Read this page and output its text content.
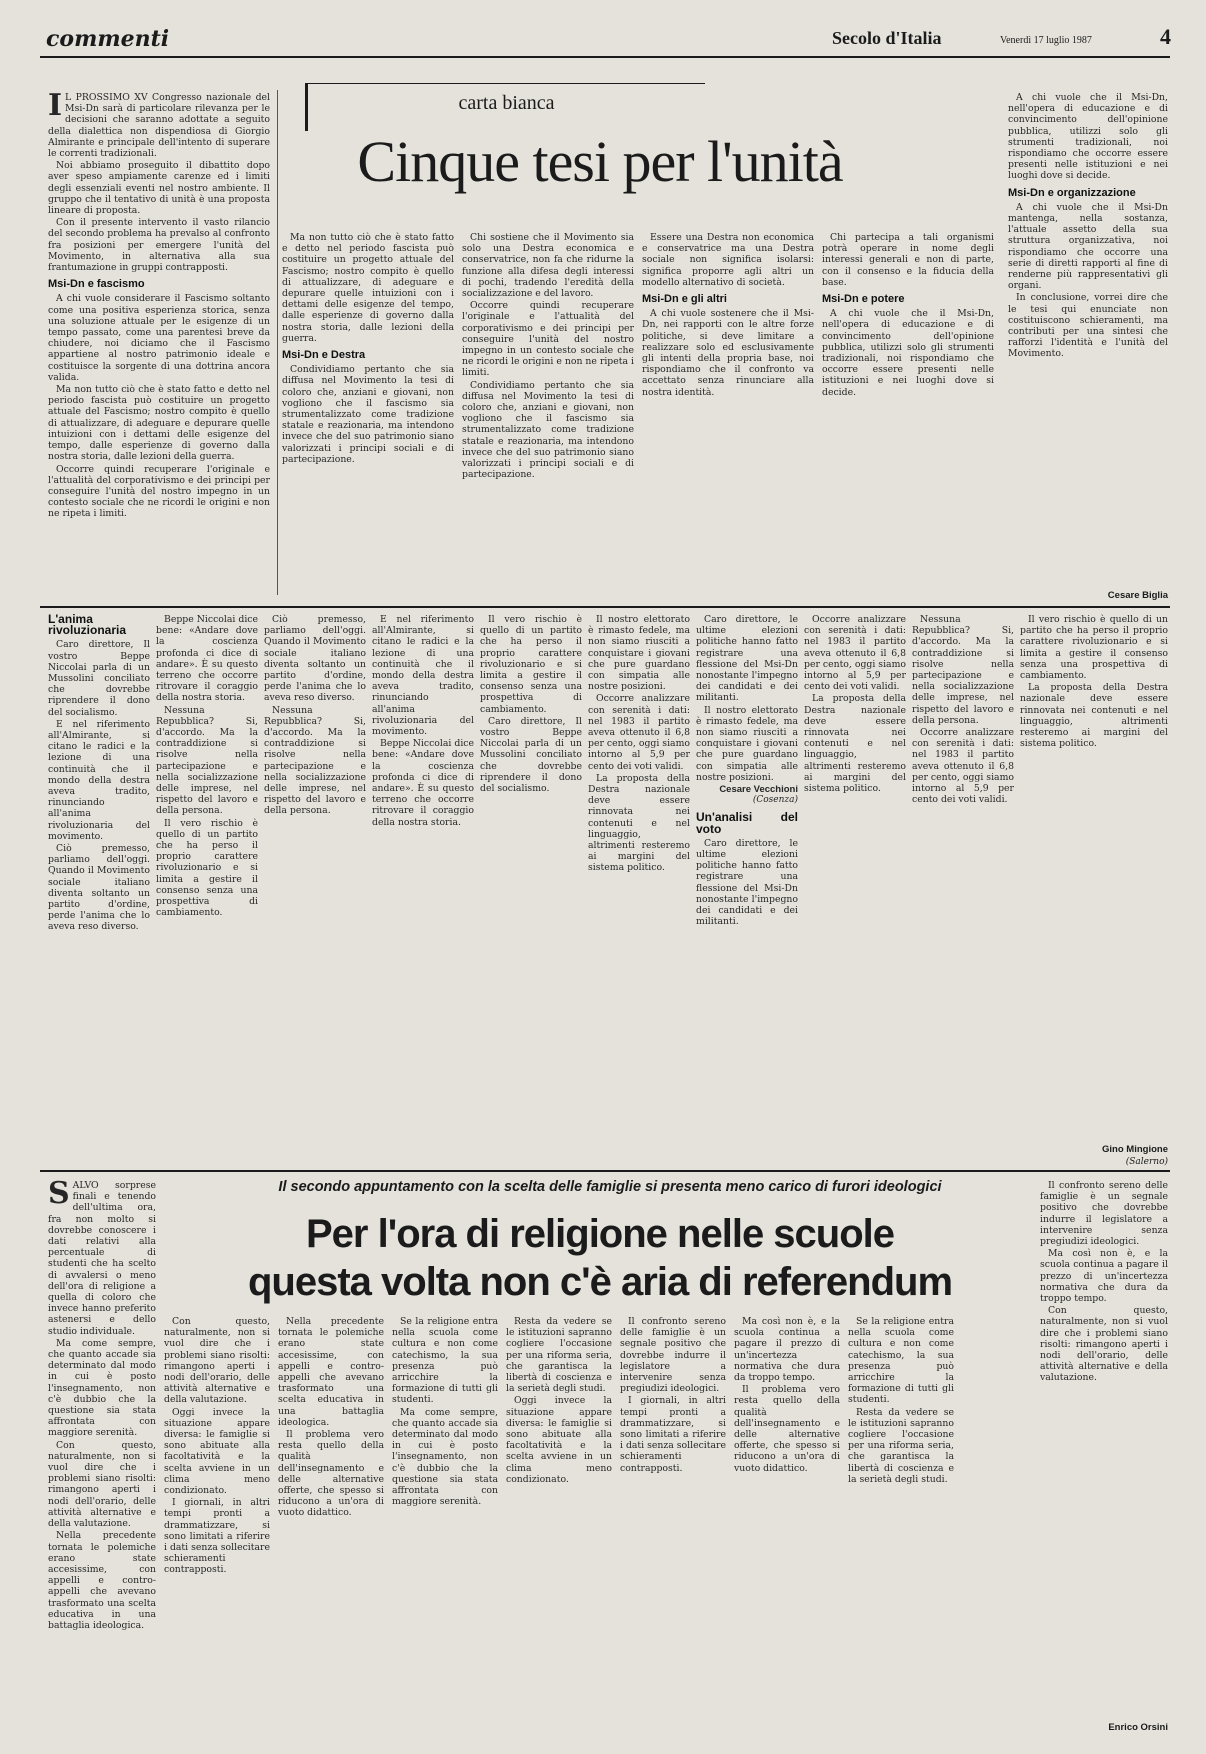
commenti	Secolo d'Italia	Venerdì 17 luglio 1987	4
carta bianca
Cinque tesi per l'unità

I L PROSSIMO XV Congresso nazionale del Msi-Dn sarà di particolare rilevanza per le decisioni che saranno adottate a seguito della dialettica non dispendiosa di Giorgio Almirante e principale dell'intento di superare le correnti tradizionali.

Noi abbiamo proseguito il dibattito dopo aver speso ampiamente carenze ed i limiti degli essenziali eventi nel nostro ambiente. Il gruppo che il tentativo di unità è una proposta lineare di proposta.

Con il presente intervento il vasto rilancio del secondo problema ha prevalso al confronto fra posizioni per emergere l'unità del Movimento, in alternativa alla sua frantumazione in gruppi contrapposti.

Msi-Dn e fascismo

A chi vuole considerare il Fascismo soltanto come una positiva esperienza storica, senza una soluzione attuale per le esigenze di un tempo passato, come una parentesi breve da chiudere, noi diciamo che il Fascismo appartiene al nostro patrimonio ideale e costituisce la sorgente di una dottrina ancora valida.

Ma non tutto ciò che è stato fatto e detto nel periodo fascista può costituire un progetto attuale del Fascismo; nostro compito è quello di attualizzare, di adeguare e depurare quelle intuizioni con i dettami delle esigenze del tempo, dalle esperienze di governo dalla nostra storia, dalle lezioni della guerra.

Occorre quindi recuperare l'originale e l'attualità del corporativismo e dei principi per conseguire l'unità del nostro impegno in un contesto sociale che ne ricordi le origini e non ne ripeta i limiti.

Ma non tutto ciò che è stato fatto e detto nel periodo fascista può costituire un progetto attuale del Fascismo; nostro compito è quello di attualizzare, di adeguare e depurare quelle intuizioni con i dettami delle esigenze del tempo, dalle esperienze di governo dalla nostra storia, dalle lezioni della guerra.

Msi-Dn e Destra

Condividiamo pertanto che sia diffusa nel Movimento la tesi di coloro che, anziani e giovani, non vogliono che il fascismo sia strumentalizzato come tradizione statale e reazionaria, ma intendono invece che del suo patrimonio siano valorizzati i principi sociali e di partecipazione.

Chi sostiene che il Movimento sia solo una Destra economica e conservatrice, non fa che ridurne la funzione alla difesa degli interessi di pochi, tradendo l'eredità della socializzazione e del lavoro.

Occorre quindi recuperare l'originale e l'attualità del corporativismo e dei principi per conseguire l'unità del nostro impegno in un contesto sociale che ne ricordi le origini e non ne ripeta i limiti.

Condividiamo pertanto che sia diffusa nel Movimento la tesi di coloro che, anziani e giovani, non vogliono che il fascismo sia strumentalizzato come tradizione statale e reazionaria, ma intendono invece che del suo patrimonio siano valorizzati i principi sociali e di partecipazione.

Essere una Destra non economica e conservatrice ma una Destra sociale non significa isolarsi: significa proporre agli altri un modello alternativo di società.

Msi-Dn e gli altri

A chi vuole sostenere che il Msi-Dn, nei rapporti con le altre forze politiche, si deve limitare a realizzare solo ed esclusivamente gli intenti della propria base, noi rispondiamo che il confronto va accettato senza rinunciare alla nostra identità.

Chi partecipa a tali organismi potrà operare in nome degli interessi generali e non di parte, con il consenso e la fiducia della base.

Msi-Dn e potere

A chi vuole che il Msi-Dn, nell'opera di educazione e di convincimento dell'opinione pubblica, utilizzi solo gli strumenti tradizionali, noi rispondiamo che occorre essere presenti nelle istituzioni e nei luoghi dove si decide.

A chi vuole che il Msi-Dn, nell'opera di educazione e di convincimento dell'opinione pubblica, utilizzi solo gli strumenti tradizionali, noi rispondiamo che occorre essere presenti nelle istituzioni e nei luoghi dove si decide.

Msi-Dn e organizzazione

A chi vuole che il Msi-Dn mantenga, nella sostanza, l'attuale assetto della sua struttura organizzativa, noi rispondiamo che occorre una serie di diretti rapporti al fine di renderne più rappresentativi gli organi.

In conclusione, vorrei dire che le tesi qui enunciate non costituiscono schieramenti, ma contributi per una sintesi che rafforzi l'identità e l'unità del Movimento.

Cesare Biglia
L'anima rivoluzionaria

Caro direttore, Il vostro Beppe Niccolai parla di un Mussolini conciliato che dovrebbe riprendere il dono del socialismo.

E nel riferimento all'Almirante, si citano le radici e la lezione di una continuità che il mondo della destra aveva tradito, rinunciando all'anima rivoluzionaria del movimento.

Ciò premesso, parliamo dell'oggi. Quando il Movimento sociale italiano diventa soltanto un partito d'ordine, perde l'anima che lo aveva reso diverso.

Beppe Niccolai dice bene: «Andare dove la coscienza profonda ci dice di andare». È su questo terreno che occorre ritrovare il coraggio della nostra storia.

Nessuna Repubblica? Si, d'accordo. Ma la contraddizione si risolve nella partecipazione e nella socializzazione delle imprese, nel rispetto del lavoro e della persona.

Il vero rischio è quello di un partito che ha perso il proprio carattere rivoluzionario e si limita a gestire il consenso senza una prospettiva di cambiamento.

Ciò premesso, parliamo dell'oggi. Quando il Movimento sociale italiano diventa soltanto un partito d'ordine, perde l'anima che lo aveva reso diverso.

Nessuna Repubblica? Si, d'accordo. Ma la contraddizione si risolve nella partecipazione e nella socializzazione delle imprese, nel rispetto del lavoro e della persona.

E nel riferimento all'Almirante, si citano le radici e la lezione di una continuità che il mondo della destra aveva tradito, rinunciando all'anima rivoluzionaria del movimento.

Beppe Niccolai dice bene: «Andare dove la coscienza profonda ci dice di andare». È su questo terreno che occorre ritrovare il coraggio della nostra storia.

Il vero rischio è quello di un partito che ha perso il proprio carattere rivoluzionario e si limita a gestire il consenso senza una prospettiva di cambiamento.

Caro direttore, Il vostro Beppe Niccolai parla di un Mussolini conciliato che dovrebbe riprendere il dono del socialismo.

Il nostro elettorato è rimasto fedele, ma non siamo riusciti a conquistare i giovani che pure guardano con simpatia alle nostre posizioni.

Occorre analizzare con serenità i dati: nel 1983 il partito aveva ottenuto il 6,8 per cento, oggi siamo intorno al 5,9 per cento dei voti validi.

La proposta della Destra nazionale deve essere rinnovata nei contenuti e nel linguaggio, altrimenti resteremo ai margini del sistema politico.

Caro direttore, le ultime elezioni politiche hanno fatto registrare una flessione del Msi-Dn nonostante l'impegno dei candidati e dei militanti.

Il nostro elettorato è rimasto fedele, ma non siamo riusciti a conquistare i giovani che pure guardano con simpatia alle nostre posizioni.

Cesare Vecchioni
(Cosenza)
Un'analisi del voto

Caro direttore, le ultime elezioni politiche hanno fatto registrare una flessione del Msi-Dn nonostante l'impegno dei candidati e dei militanti.

Occorre analizzare con serenità i dati: nel 1983 il partito aveva ottenuto il 6,8 per cento, oggi siamo intorno al 5,9 per cento dei voti validi.

La proposta della Destra nazionale deve essere rinnovata nei contenuti e nel linguaggio, altrimenti resteremo ai margini del sistema politico.

Nessuna Repubblica? Si, d'accordo. Ma la contraddizione si risolve nella partecipazione e nella socializzazione delle imprese, nel rispetto del lavoro e della persona.

Occorre analizzare con serenità i dati: nel 1983 il partito aveva ottenuto il 6,8 per cento, oggi siamo intorno al 5,9 per cento dei voti validi.

Il vero rischio è quello di un partito che ha perso il proprio carattere rivoluzionario e si limita a gestire il consenso senza una prospettiva di cambiamento.

La proposta della Destra nazionale deve essere rinnovata nei contenuti e nel linguaggio, altrimenti resteremo ai margini del sistema politico.

Gino Mingione
(Salerno)
Il secondo appuntamento con la scelta delle famiglie si presenta meno carico di furori ideologici
Per l'ora di religione nelle scuole
questa volta non c'è aria di referendum

SALVO sorprese finali e tenendo dell'ultima ora, fra non molto si dovrebbe conoscere i dati relativi alla percentuale di studenti che ha scelto di avvalersi o meno dell'ora di religione a quella di coloro che invece hanno preferito astenersi e dello studio individuale.

Ma come sempre, che quanto accade sia determinato dal modo in cui è posto l'insegnamento, non c'è dubbio che la questione sia stata affrontata con maggiore serenità.

Con questo, naturalmente, non si vuol dire che i problemi siano risolti: rimangono aperti i nodi dell'orario, delle attività alternative e della valutazione.

Nella precedente tornata le polemiche erano state accesissime, con appelli e contro-appelli che avevano trasformato una scelta educativa in una battaglia ideologica.

Con questo, naturalmente, non si vuol dire che i problemi siano risolti: rimangono aperti i nodi dell'orario, delle attività alternative e della valutazione.

Oggi invece la situazione appare diversa: le famiglie si sono abituate alla facoltatività e la scelta avviene in un clima meno condizionato.

I giornali, in altri tempi pronti a drammatizzare, si sono limitati a riferire i dati senza sollecitare schieramenti contrapposti.

Nella precedente tornata le polemiche erano state accesissime, con appelli e contro-appelli che avevano trasformato una scelta educativa in una battaglia ideologica.

Il problema vero resta quello della qualità dell'insegnamento e delle alternative offerte, che spesso si riducono a un'ora di vuoto didattico.

Se la religione entra nella scuola come cultura e non come catechismo, la sua presenza può arricchire la formazione di tutti gli studenti.

Ma come sempre, che quanto accade sia determinato dal modo in cui è posto l'insegnamento, non c'è dubbio che la questione sia stata affrontata con maggiore serenità.

Resta da vedere se le istituzioni sapranno cogliere l'occasione per una riforma seria, che garantisca la libertà di coscienza e la serietà degli studi.

Oggi invece la situazione appare diversa: le famiglie si sono abituate alla facoltatività e la scelta avviene in un clima meno condizionato.

Il confronto sereno delle famiglie è un segnale positivo che dovrebbe indurre il legislatore a intervenire senza pregiudizi ideologici.

I giornali, in altri tempi pronti a drammatizzare, si sono limitati a riferire i dati senza sollecitare schieramenti contrapposti.

Ma così non è, e la scuola continua a pagare il prezzo di un'incertezza normativa che dura da troppo tempo.

Il problema vero resta quello della qualità dell'insegnamento e delle alternative offerte, che spesso si riducono a un'ora di vuoto didattico.

Se la religione entra nella scuola come cultura e non come catechismo, la sua presenza può arricchire la formazione di tutti gli studenti.

Resta da vedere se le istituzioni sapranno cogliere l'occasione per una riforma seria, che garantisca la libertà di coscienza e la serietà degli studi.

Il confronto sereno delle famiglie è un segnale positivo che dovrebbe indurre il legislatore a intervenire senza pregiudizi ideologici.

Ma così non è, e la scuola continua a pagare il prezzo di un'incertezza normativa che dura da troppo tempo.

Con questo, naturalmente, non si vuol dire che i problemi siano risolti: rimangono aperti i nodi dell'orario, delle attività alternative e della valutazione.

Enrico Orsini
